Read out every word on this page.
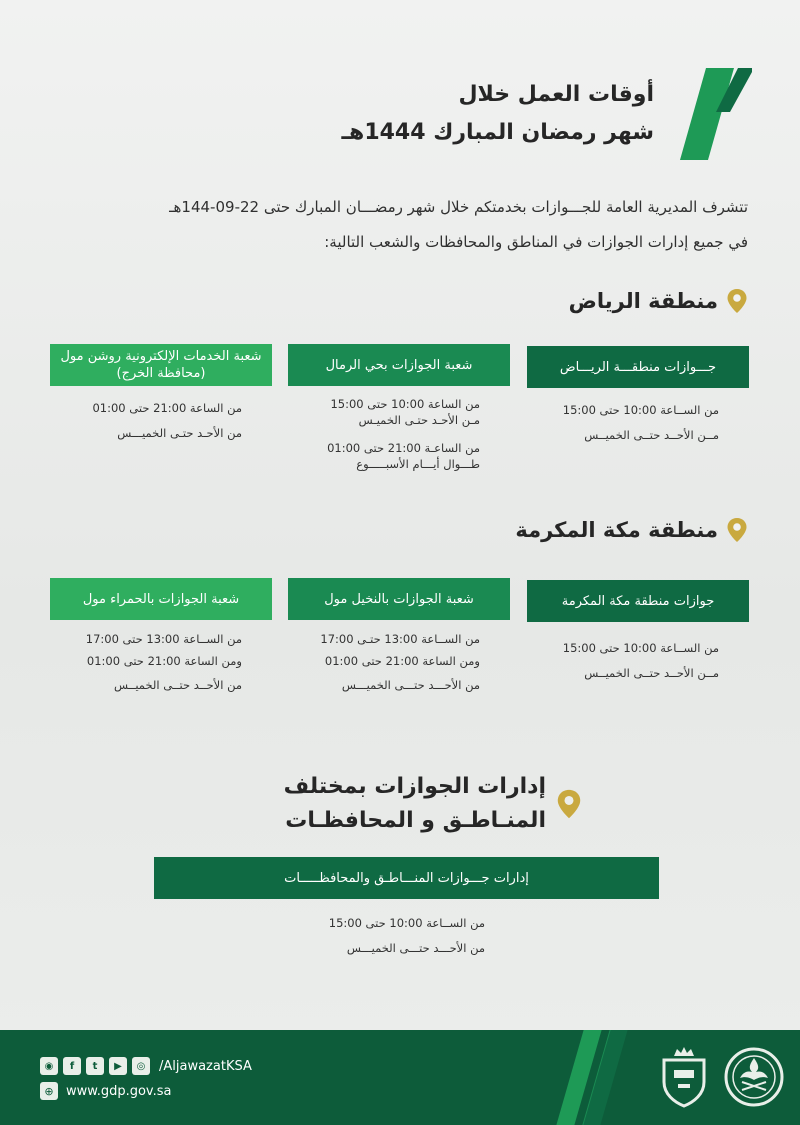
أوقات العمل خلال
شهر رمضان المبارك 1444هـ
تتشرف المديرية العامة للجـــوازات بخدمتكم خلال شهر رمضـــان المبارك حتى 22-09-144هـ
في جميع إدارات الجوازات في المناطق والمحافظات والشعب التالية:
منطقة الرياض
جـــوازات منطقـــة الريـــاض
من الســاعة 10:00 حتى 15:00
مــن الأحــد حتــى الخميــس
شعبة الجوازات بحي الرمال
من الساعة 10:00 حتى 15:00
مـن الأحـد حتـى الخميـس
من الساعـة 21:00 حتى 01:00
طـــوال أيـــام الأسبـــــوع
شعبة الخدمات الإلكترونية روشن مول (محافظة الخرج)
من الساعة 21:00 حتى 01:00
من الأحـد حتـى الخميـــس
منطقة مكة المكرمة
جوازات منطقة مكة المكرمة
من الســاعة 10:00 حتى 15:00
مــن الأحــد حتــى الخميــس
شعبة الجوازات بالنخيل مول
من الســاعة 13:00 حتـى 17:00
ومن الساعة 21:00 حتى 01:00
من الأحـــد حتـــى الخميـــس
شعبة الجوازات بالحمراء مول
من الســاعة 13:00 حتى 17:00
ومن الساعة 21:00 حتى 01:00
من الأحــد حتــى الخميــس
إدارات الجوازات بمختلف
المنـاطـق و المحافظـات
إدارات جـــوازات المنـــاطـق والمحافظـــــات
من الســاعة 10:00 حتى 15:00
من الأحـــد حتـــى الخميـــس
◉	f	t	▶	◎	/AljawazatKSA
⊕ www.gdp.gov.sa
